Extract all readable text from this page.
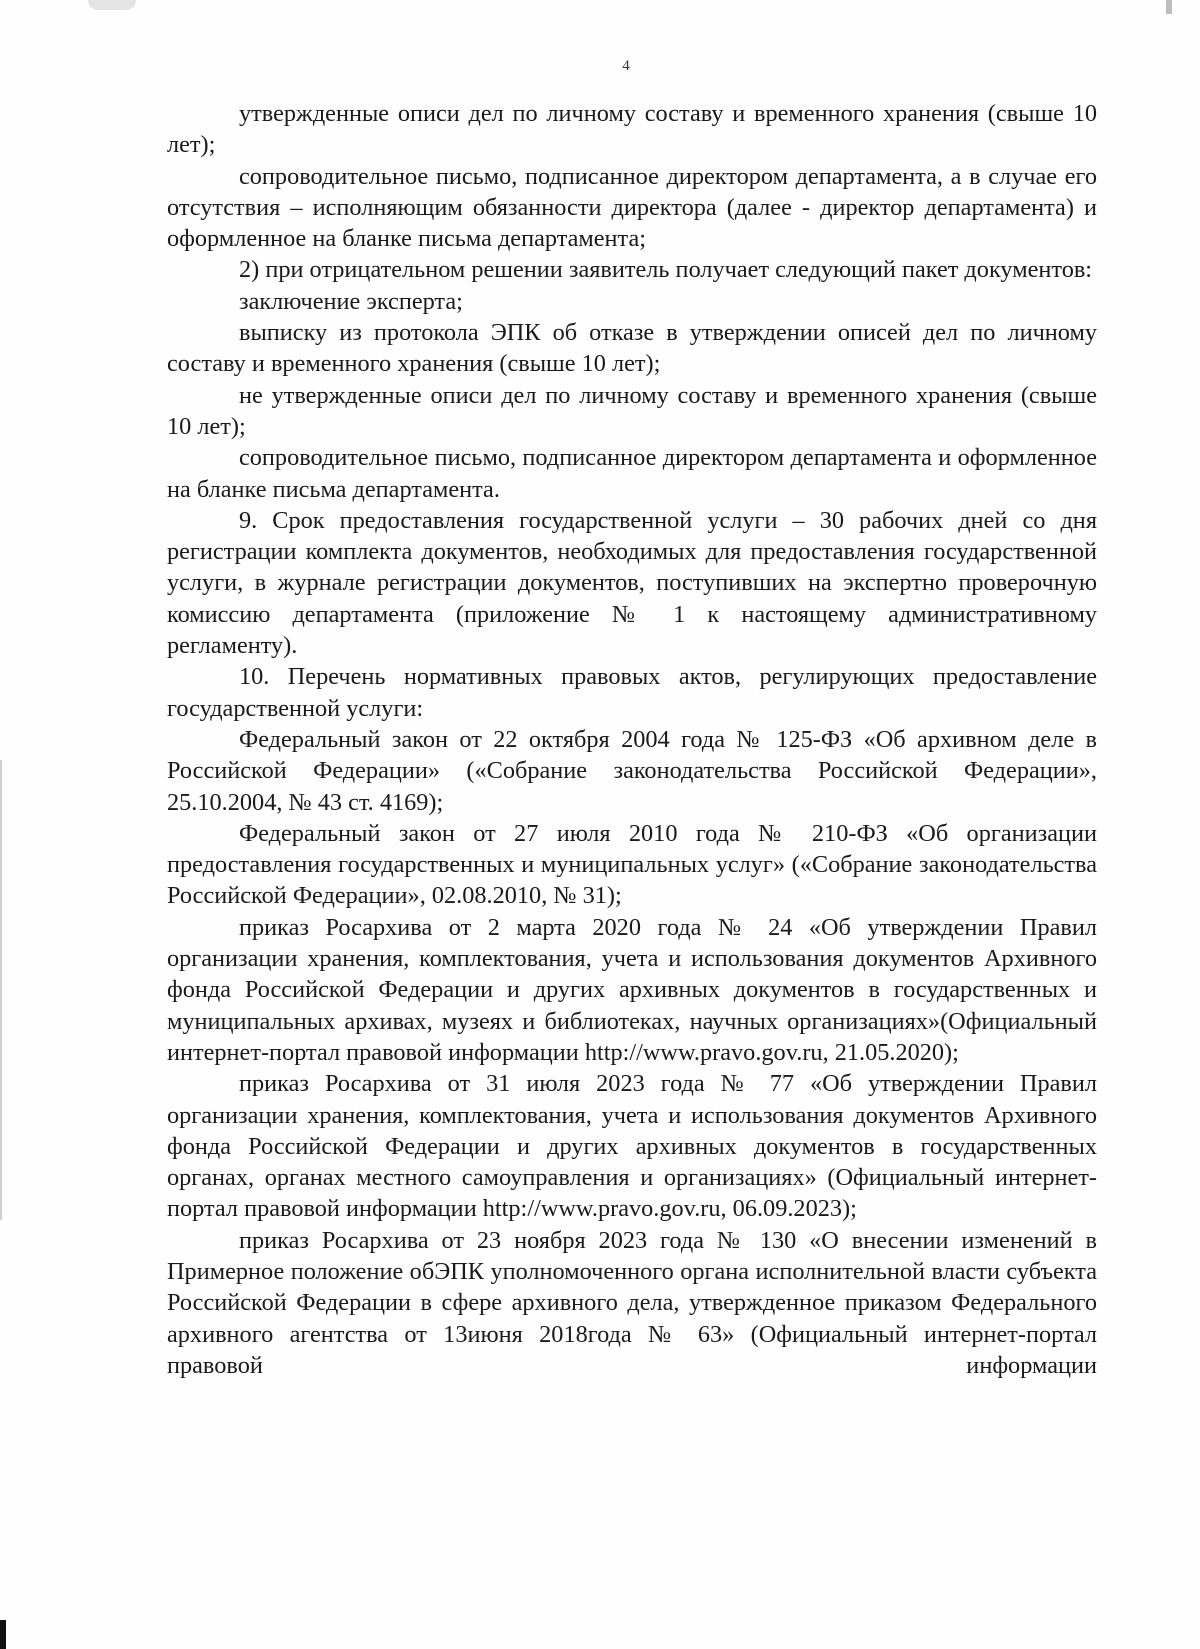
4

утвержденные описи дел по личному составу и временного хранения (свыше 10 лет);

сопроводительное письмо, подписанное директором департамента, а в случае его отсутствия – исполняющим обязанности директора (далее - директор департамента) и оформленное на бланке письма департамента;

2) при отрицательном решении заявитель получает следующий пакет документов:

заключение эксперта;

выписку из протокола ЭПК об отказе в утверждении описей дел по личному составу и временного хранения (свыше 10 лет);

не утвержденные описи дел по личному составу и временного хранения (свыше 10 лет);

сопроводительное письмо, подписанное директором департамента и оформленное на бланке письма департамента.

9. Срок предоставления государственной услуги – 30 рабочих дней со дня регистрации комплекта документов, необходимых для предоставления государственной услуги, в журнале регистрации документов, поступивших на экспертно проверочную комиссию департамента (приложение № 1 к настоящему административному регламенту).

10. Перечень нормативных правовых актов, регулирующих предоставление государственной услуги:

Федеральный закон от 22 октября 2004 года № 125-ФЗ «Об архивном деле в Российской Федерации» («Собрание законодательства Российской Федерации», 25.10.2004, № 43 ст. 4169);

Федеральный закон от 27 июля 2010 года № 210-ФЗ «Об организации предоставления государственных и муниципальных услуг» («Собрание законодательства Российской Федерации», 02.08.2010, № 31);

приказ Росархива от 2 марта 2020 года № 24 «Об утверждении Правил организации хранения, комплектования, учета и использования документов Архивного фонда Российской Федерации и других архивных документов в государственных и муниципальных архивах, музеях и библиотеках, научных организациях»(Официальный интернет-портал правовой информации http://www.pravo.gov.ru, 21.05.2020);

приказ Росархива от 31 июля 2023 года № 77 «Об утверждении Правил организации хранения, комплектования, учета и использования документов Архивного фонда Российской Федерации и других архивных документов в государственных органах, органах местного самоуправления и организациях» (Официальный интернет-портал правовой информации http://www.pravo.gov.ru, 06.09.2023);

приказ Росархива от 23 ноября 2023 года № 130 «О внесении изменений в Примерное положение обЭПК уполномоченного органа исполнительной власти субъекта Российской Федерации в сфере архивного дела, утвержденное приказом Федерального архивного агентства от 13июня 2018года № 63» (Официальный интернет-портал правовой информации
